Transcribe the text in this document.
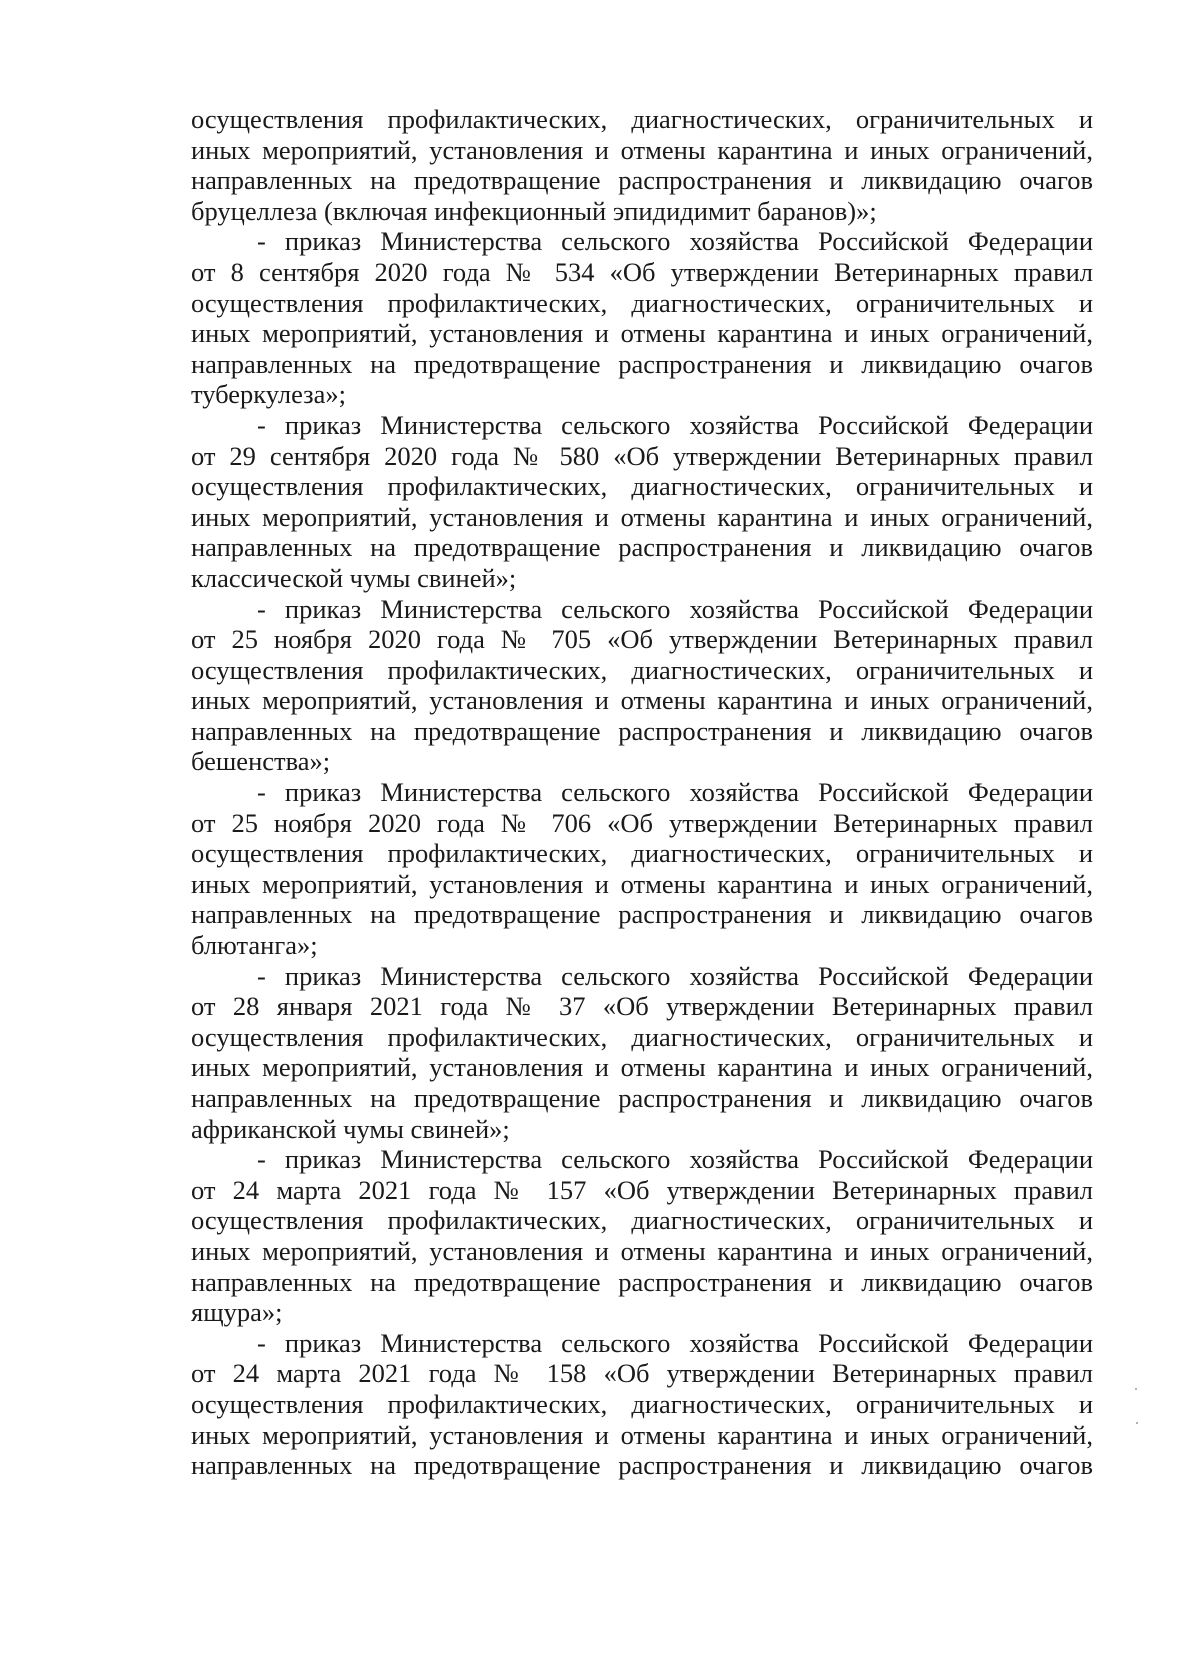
осуществления профилактических, диагностических, ограничительных и
иных мероприятий, установления и отмены карантина и иных ограничений,
направленных на предотвращение распространения и ликвидацию очагов
бруцеллеза (включая инфекционный эпидидимит баранов)»;
- приказ Министерства сельского хозяйства Российской Федерации
от 8 сентября 2020 года № 534 «Об утверждении Ветеринарных правил
осуществления профилактических, диагностических, ограничительных и
иных мероприятий, установления и отмены карантина и иных ограничений,
направленных на предотвращение распространения и ликвидацию очагов
туберкулеза»;
- приказ Министерства сельского хозяйства Российской Федерации
от 29 сентября 2020 года № 580 «Об утверждении Ветеринарных правил
осуществления профилактических, диагностических, ограничительных и
иных мероприятий, установления и отмены карантина и иных ограничений,
направленных на предотвращение распространения и ликвидацию очагов
классической чумы свиней»;
- приказ Министерства сельского хозяйства Российской Федерации
от 25 ноября 2020 года № 705 «Об утверждении Ветеринарных правил
осуществления профилактических, диагностических, ограничительных и
иных мероприятий, установления и отмены карантина и иных ограничений,
направленных на предотвращение распространения и ликвидацию очагов
бешенства»;
- приказ Министерства сельского хозяйства Российской Федерации
от 25 ноября 2020 года № 706 «Об утверждении Ветеринарных правил
осуществления профилактических, диагностических, ограничительных и
иных мероприятий, установления и отмены карантина и иных ограничений,
направленных на предотвращение распространения и ликвидацию очагов
блютанга»;
- приказ Министерства сельского хозяйства Российской Федерации
от 28 января 2021 года № 37 «Об утверждении Ветеринарных правил
осуществления профилактических, диагностических, ограничительных и
иных мероприятий, установления и отмены карантина и иных ограничений,
направленных на предотвращение распространения и ликвидацию очагов
африканской чумы свиней»;
- приказ Министерства сельского хозяйства Российской Федерации
от 24 марта 2021 года № 157 «Об утверждении Ветеринарных правил
осуществления профилактических, диагностических, ограничительных и
иных мероприятий, установления и отмены карантина и иных ограничений,
направленных на предотвращение распространения и ликвидацию очагов
ящура»;
- приказ Министерства сельского хозяйства Российской Федерации
от 24 марта 2021 года № 158 «Об утверждении Ветеринарных правил
осуществления профилактических, диагностических, ограничительных и
иных мероприятий, установления и отмены карантина и иных ограничений,
направленных на предотвращение распространения и ликвидацию очагов
